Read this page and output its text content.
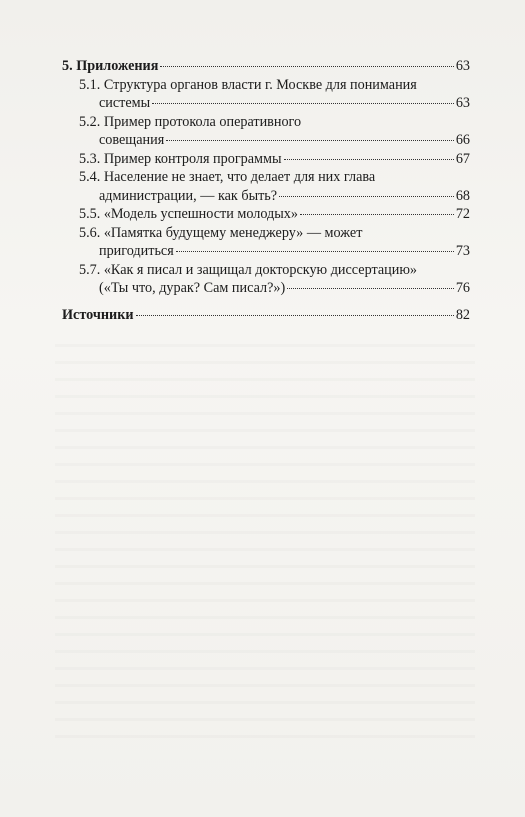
5. Приложения	63
5.1. Структура органов власти г. Москве для понимания
системы	63
5.2. Пример протокола оперативного
совещания	66
5.3. Пример контроля программы	67
5.4. Население не знает, что делает для них глава
администрации, — как быть?	68
5.5. «Модель успешности молодых»	72
5.6. «Памятка будущему менеджеру» — может
пригодиться	73
5.7. «Как я писал и защищал докторскую диссертацию»
(«Ты что, дурак? Сам писал?»)	76
Источники	82
